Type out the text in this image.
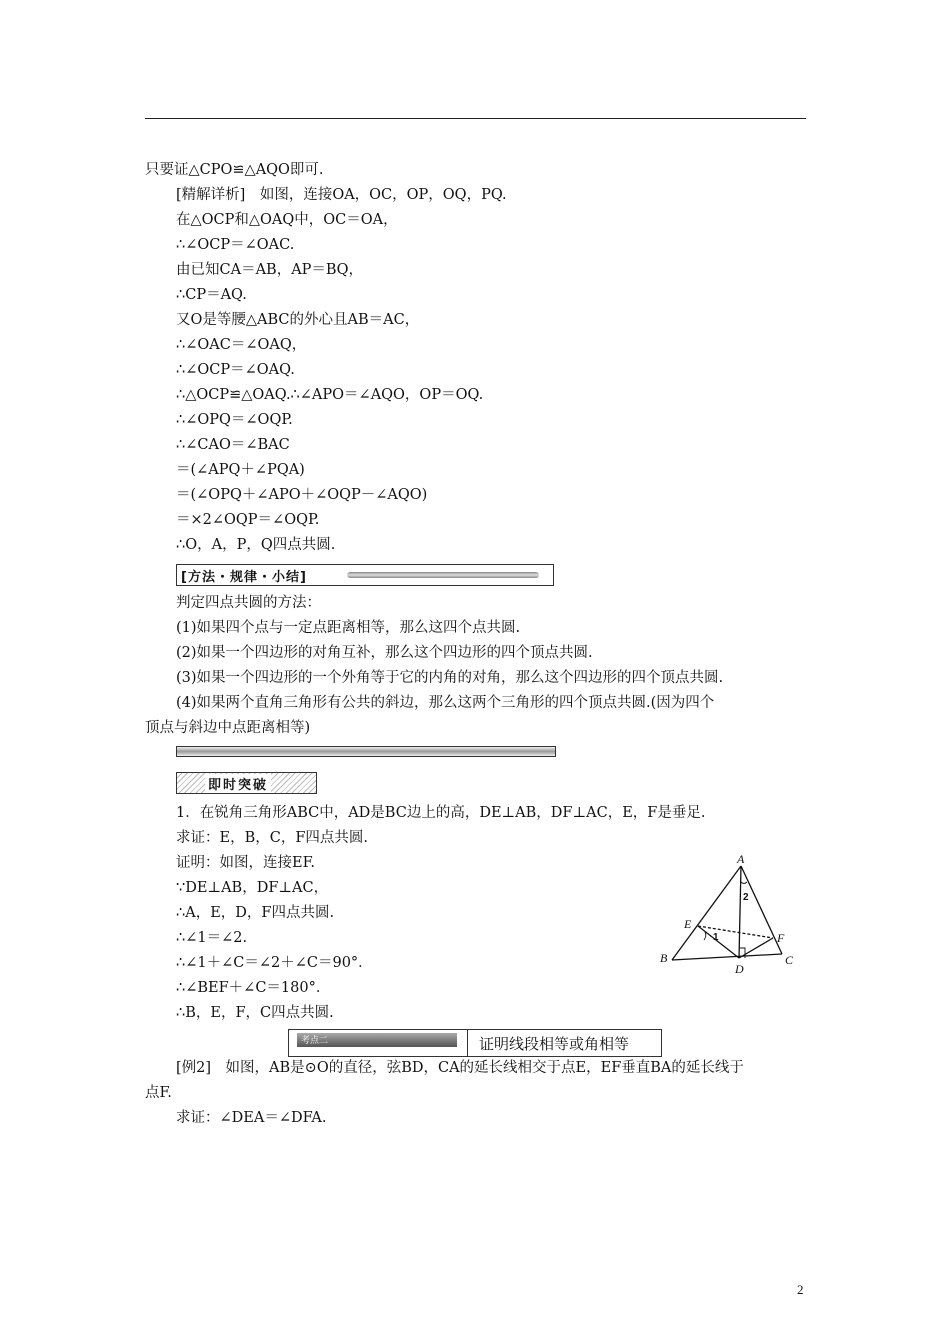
只要证△CPO≌△AQO即可.
[精解详析]　如图，连接OA，OC，OP，OQ，PQ.
在△OCP和△OAQ中，OC＝OA，
∴∠OCP＝∠OAC.
由已知CA＝AB，AP＝BQ，
∴CP＝AQ.
又O是等腰△ABC的外心且AB＝AC，
∴∠OAC＝∠OAQ，
∴∠OCP＝∠OAQ.
∴△OCP≌△OAQ.∴∠APO＝∠AQO，OP＝OQ.
∴∠OPQ＝∠OQP.
∴∠CAO＝∠BAC
＝(∠APQ＋∠PQA)
＝(∠OPQ＋∠APO＋∠OQP－∠AQO)
＝×2∠OQP＝∠OQP.
∴O，A，P，Q四点共圆.
[方法・规律・小结]
判定四点共圆的方法：
(1)如果四个点与一定点距离相等，那么这四个点共圆.
(2)如果一个四边形的对角互补，那么这个四边形的四个顶点共圆.
(3)如果一个四边形的一个外角等于它的内角的对角，那么这个四边形的四个顶点共圆.
(4)如果两个直角三角形有公共的斜边，那么这两个三角形的四个顶点共圆.(因为四个
顶点与斜边中点距离相等)
即时突破
1．在锐角三角形ABC中，AD是BC边上的高，DE⊥AB，DF⊥AC，E，F是垂足.
求证：E，B，C，F四点共圆.
证明：如图，连接EF.
∵DE⊥AB，DF⊥AC，
∴A，E，D，F四点共圆.
∴∠1＝∠2.
∴∠1＋∠C＝∠2＋∠C＝90°．
∴∠BEF＋∠C＝180°．
∴B，E，F，C四点共圆.
A
B	C
D
E
F
1
2
考点二	证明线段相等或角相等
[例2]　如图，AB是⊙O的直径，弦BD，CA的延长线相交于点E，EF垂直BA的延长线于
点F.
求证：∠DEA＝∠DFA.
2
